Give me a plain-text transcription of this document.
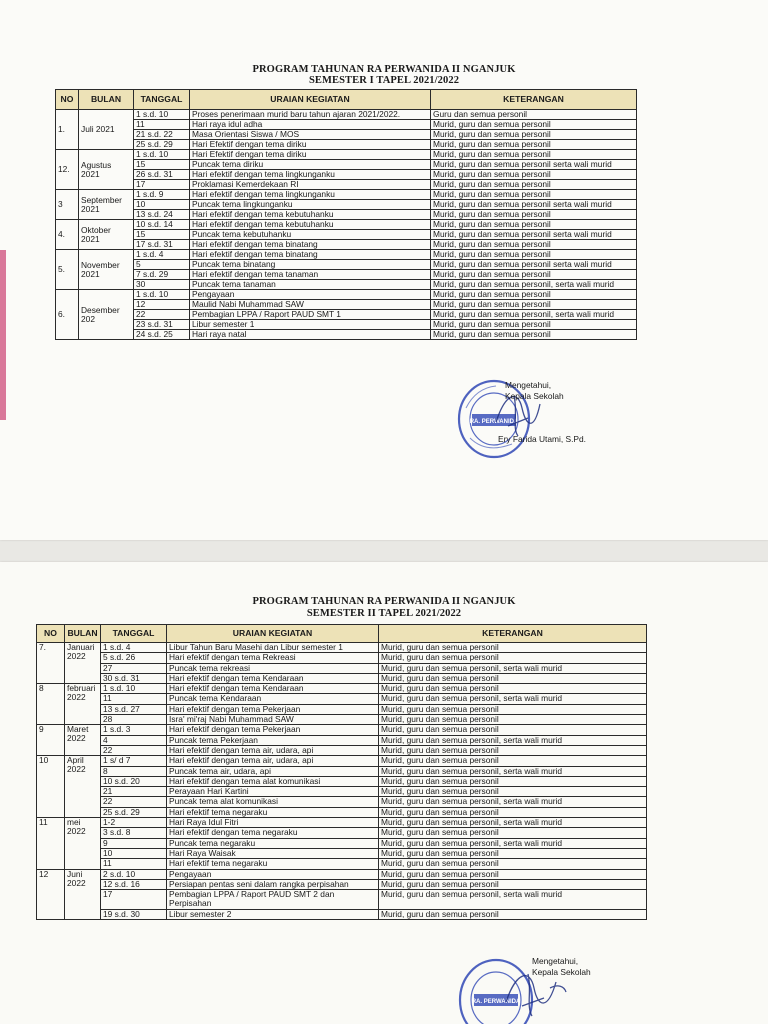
PROGRAM TAHUNAN RA PERWANIDA II NGANJUK
SEMESTER I TAPEL 2021/2022
NO	BULAN	TANGGAL	URAIAN KEGIATAN	KETERANGAN
1.	Juli 2021	1 s.d. 10	Proses penerimaan murid baru tahun ajaran 2021/2022.	Guru dan semua personil
		11	Hari raya idul adha	Murid, guru dan semua personil
		21 s.d. 22	Masa Orientasi Siswa / MOS	Murid, guru dan semua personil
		25 s.d. 29	Hari Efektif dengan tema diriku	Murid, guru dan semua personil
12.	Agustus 2021	1 s.d. 10	Hari Efektif dengan tema diriku	Murid, guru dan semua personil
		15	Puncak tema diriku	Murid, guru dan semua personil serta wali murid
		26 s.d. 31	Hari efektif dengan tema lingkunganku	Murid, guru dan semua personil
		17	Proklamasi Kemerdekaan RI	Murid, guru dan semua personil
3	September 2021	1 s.d. 9	Hari efektif dengan tema lingkunganku	Murid, guru dan semua personil
		10	Puncak tema lingkunganku	Murid, guru dan semua personil serta wali murid
		13 s.d. 24	Hari efektif dengan tema kebutuhanku	Murid, guru dan semua personil
4.	Oktober 2021	10 s.d. 14	Hari efektif dengan tema kebutuhanku	Murid, guru dan semua personil
		15	Puncak tema kebutuhanku	Murid, guru dan semua personil serta wali murid
		17 s.d. 31	Hari efektif dengan tema binatang	Murid, guru dan semua personil
5.	November 2021	1 s.d. 4	Hari efektif dengan tema binatang	Murid, guru dan semua personil
		5	Puncak tema binatang	Murid, guru dan semua personil serta wali murid
		7 s.d. 29	Hari efektif dengan tema tanaman	Murid, guru dan semua personil
		30	Puncak tema tanaman	Murid, guru dan semua personil, serta wali murid
6.	Desember 202	1 s.d. 10	Pengayaan	Murid, guru dan semua personil
		12	Maulid Nabi Muhammad SAW	Murid, guru dan semua personil
		22	Pembagian LPPA / Raport PAUD SMT 1	Murid, guru dan semua personil, serta wali murid
		23 s.d. 31	Libur semester 1	Murid, guru dan semua personil
		24 s.d. 25	Hari raya natal	Murid, guru dan semua personil
RA. PERWANIDA
Mengetahui,
Kepala Sekolah
Ery Farida Utami, S.Pd.
PROGRAM TAHUNAN RA PERWANIDA II NGANJUK
SEMESTER II TAPEL 2021/2022
NO	BULAN	TANGGAL	URAIAN KEGIATAN	KETERANGAN
7.	Januari 2022	1 s.d. 4	Libur Tahun Baru Masehi dan Libur semester 1	Murid, guru dan semua personil
		5 s.d. 26	Hari efektif dengan tema Rekreasi	Murid, guru dan semua personil
		27	Puncak tema rekreasi	Murid, guru dan semua personil, serta wali murid
		30 s.d. 31	Hari efektif dengan tema Kendaraan	Murid, guru dan semua personil
8	februari 2022	1 s.d. 10	Hari efektif dengan tema Kendaraan	Murid, guru dan semua personil
		11	Puncak tema Kendaraan	Murid, guru dan semua personil, serta wali murid
		13 s.d. 27	Hari efektif dengan tema Pekerjaan	Murid, guru dan semua personil
		28	Isra' mi'raj Nabi Muhammad SAW	Murid, guru dan semua personil
9	Maret 2022	1 s.d. 3	Hari efektif dengan tema Pekerjaan	Murid, guru dan semua personil
		4	Puncak tema Pekerjaan	Murid, guru dan semua personil, serta wali murid
		22	Hari efektif dengan tema air, udara, api	Murid, guru dan semua personil
10	April 2022	1 s/ d 7	Hari efektif dengan tema air, udara, api	Murid, guru dan semua personil
		8	Puncak tema air, udara, api	Murid, guru dan semua personil, serta wali murid
		10 s.d. 20	Hari efektif dengan tema alat komunikasi	Murid, guru dan semua personil
		21	Perayaan Hari Kartini	Murid, guru dan semua personil
		22	Puncak tema alat komunikasi	Murid, guru dan semua personil, serta wali murid
		25 s.d. 29	Hari efektif tema negaraku	Murid, guru dan semua personil
11	mei 2022	1-2	Hari Raya Idul Fitri	Murid, guru dan semua personil, serta wali murid
		3 s.d. 8	Hari efektif dengan tema negaraku	Murid, guru dan semua personil
		9	Puncak tema negaraku	Murid, guru dan semua personil, serta wali murid
		10	Hari Raya Waisak	Murid, guru dan semua personil
		11	Hari efektif tema negaraku	Murid, guru dan semua personil
12	Juni 2022	2 s.d. 10	Pengayaan	Murid, guru dan semua personil
		12 s.d. 16	Persiapan pentas seni dalam rangka perpisahan	Murid, guru dan semua personil
		17	Pembagian LPPA / Raport PAUD SMT 2 dan Perpisahan	Murid, guru dan semua personil, serta wali murid
		19 s.d. 30	Libur semester 2	Murid, guru dan semua personil
RA. PERWANIDA
Mengetahui,
Kepala Sekolah
